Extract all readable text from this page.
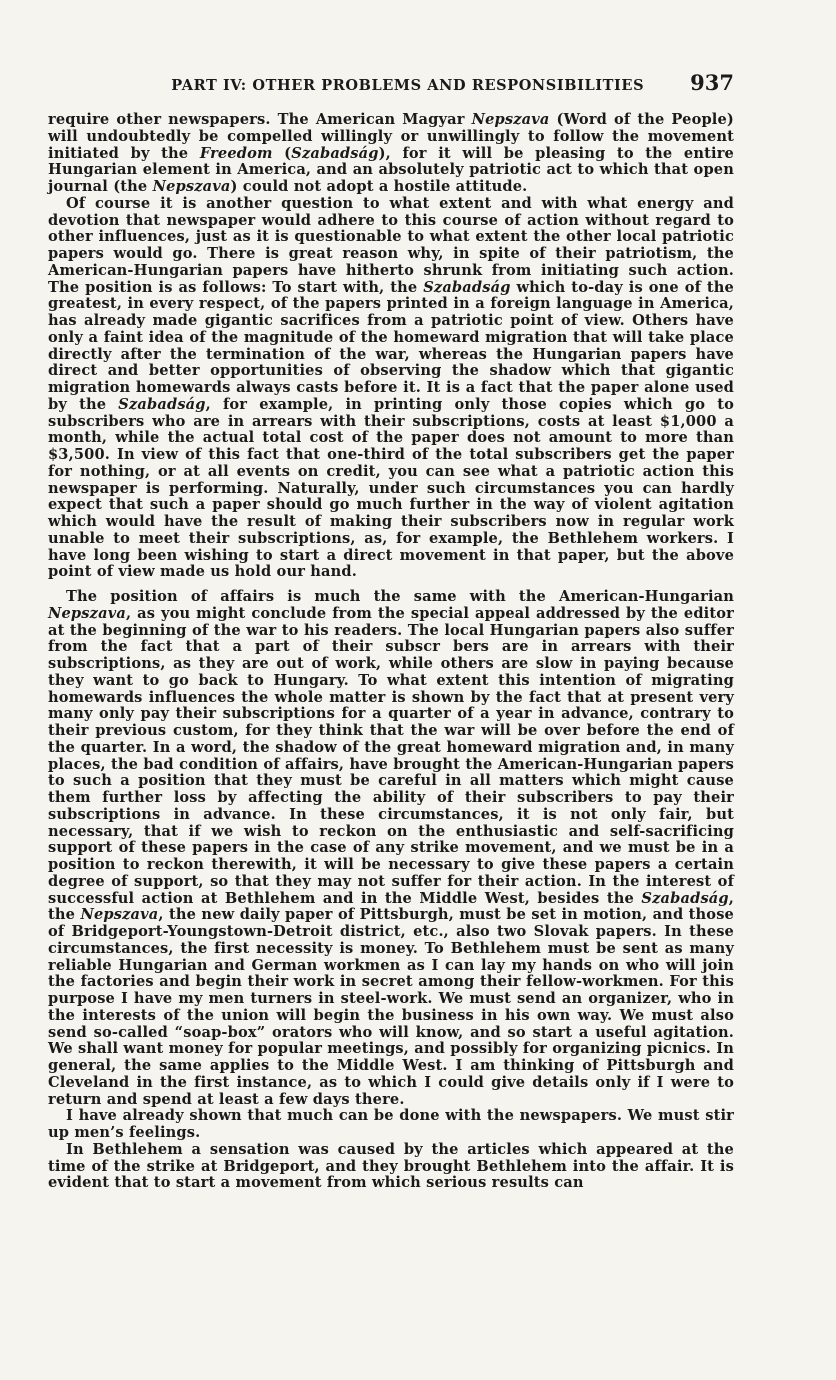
PART IV: OTHER PROBLEMS AND RESPONSIBILITIES 937

require other newspapers. The American Magyar Nepszava (Word of the People) will undoubtedly be compelled willingly or unwillingly to follow the movement initiated by the Freedom (Szabadság), for it will be pleasing to the entire Hungarian element in America, and an absolutely patriotic act to which that open journal (the Nepszava) could not adopt a hostile attitude.

Of course it is another question to what extent and with what energy and devotion that newspaper would adhere to this course of action without regard to other influences, just as it is questionable to what extent the other local patriotic papers would go. There is great reason why, in spite of their patriotism, the American-Hungarian papers have hitherto shrunk from initiating such action. The position is as follows: To start with, the Szabadság which to-day is one of the greatest, in every respect, of the papers printed in a foreign language in America, has already made gigantic sacrifices from a patriotic point of view. Others have only a faint idea of the magnitude of the homeward migration that will take place directly after the termination of the war, whereas the Hungarian papers have direct and better opportunities of observing the shadow which that gigantic migration homewards always casts before it. It is a fact that the paper alone used by the Szabadság, for example, in printing only those copies which go to subscribers who are in arrears with their subscriptions, costs at least $1,000 a month, while the actual total cost of the paper does not amount to more than $3,500. In view of this fact that one-third of the total subscribers get the paper for nothing, or at all events on credit, you can see what a patriotic action this newspaper is performing. Naturally, under such circumstances you can hardly expect that such a paper should go much further in the way of violent agitation which would have the result of making their subscribers now in regular work unable to meet their subscriptions, as, for example, the Bethlehem workers. I have long been wishing to start a direct movement in that paper, but the above point of view made us hold our hand.

The position of affairs is much the same with the American-Hungarian Nepszava, as you might conclude from the special appeal addressed by the editor at the beginning of the war to his readers. The local Hungarian papers also suffer from the fact that a part of their subscr bers are in arrears with their subscriptions, as they are out of work, while others are slow in paying because they want to go back to Hungary. To what extent this intention of migrating homewards influences the whole matter is shown by the fact that at present very many only pay their subscriptions for a quarter of a year in advance, contrary to their previous custom, for they think that the war will be over before the end of the quarter. In a word, the shadow of the great homeward migration and, in many places, the bad condition of affairs, have brought the American-Hungarian papers to such a position that they must be careful in all matters which might cause them further loss by affecting the ability of their subscribers to pay their subscriptions in advance. In these circumstances, it is not only fair, but necessary, that if we wish to reckon on the enthusiastic and self-sacrificing support of these papers in the case of any strike movement, and we must be in a position to reckon therewith, it will be necessary to give these papers a certain degree of support, so that they may not suffer for their action. In the interest of successful action at Bethlehem and in the Middle West, besides the Szabadság, the Nepszava, the new daily paper of Pittsburgh, must be set in motion, and those of Bridgeport-Youngstown-Detroit district, etc., also two Slovak papers. In these circumstances, the first necessity is money. To Bethlehem must be sent as many reliable Hungarian and German workmen as I can lay my hands on who will join the factories and begin their work in secret among their fellow-workmen. For this purpose I have my men turners in steel-work. We must send an organizer, who in the interests of the union will begin the business in his own way. We must also send so-called “soap-box” orators who will know, and so start a useful agitation. We shall want money for popular meetings, and possibly for organizing picnics. In general, the same applies to the Middle West. I am thinking of Pittsburgh and Cleveland in the first instance, as to which I could give details only if I were to return and spend at least a few days there.

I have already shown that much can be done with the newspapers. We must stir up men’s feelings.

In Bethlehem a sensation was caused by the articles which appeared at the time of the strike at Bridgeport, and they brought Bethlehem into the affair. It is evident that to start a movement from which serious results can
